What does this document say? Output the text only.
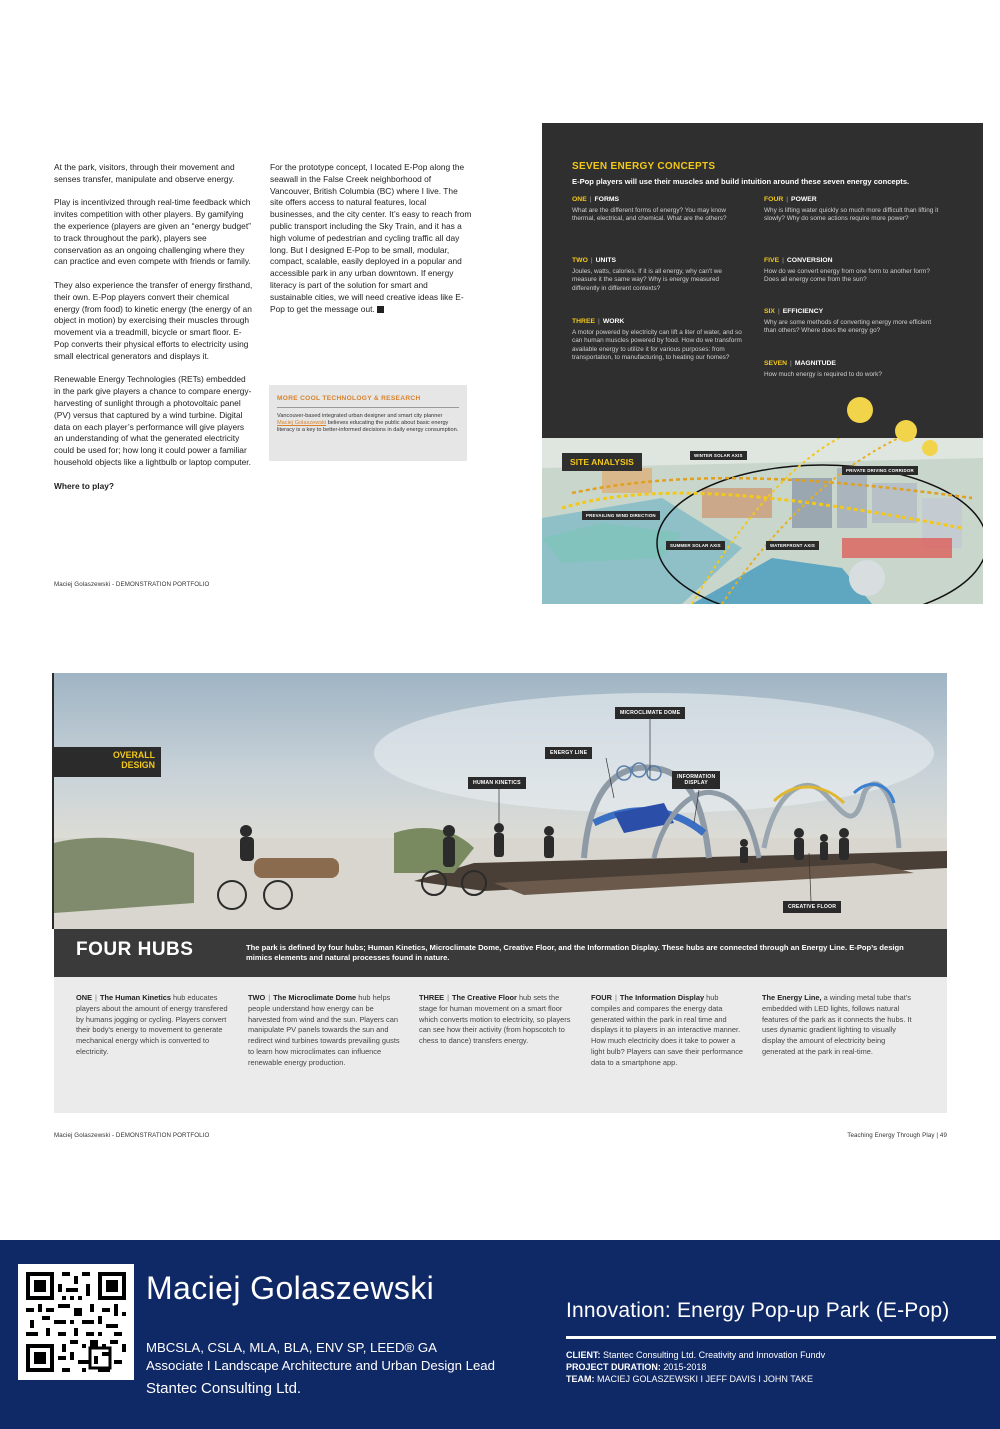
At the park, visitors, through their movement and senses transfer, manipulate and observe energy.

Play is incentivized through real-time feedback which invites competition with other players. By gamifying the experience (players are given an “energy budget” to track throughout the park), players see conservation as an ongoing challenging where they can practice and even compete with friends or family.

They also experience the transfer of energy firsthand, their own. E-Pop players convert their chemical energy (from food) to kinetic energy (the energy of an object in motion) by exercising their muscles through movement via a treadmill, bicycle or smart floor. E-Pop converts their physical efforts to electricity using small electrical generators and displays it.

Renewable Energy Technologies (RETs) embedded in the park give players a chance to compare energy-harvesting of sunlight through a photovoltaic panel (PV) versus that captured by a wind turbine. Digital data on each player’s performance will give players an understanding of what the generated electricity could be used for; how long it could power a familiar household objects like a lightbulb or laptop computer.

Where to play?

For the prototype concept, I located E-Pop along the seawall in the False Creek neighborhood of Vancouver, British Columbia (BC) where I live. The site offers access to natural features, local businesses, and the city center. It’s easy to reach from public transport including the Sky Train, and it has a high volume of pedestrian and cycling traffic all day long. But I designed E-Pop to be small, modular, compact, scalable, easily deployed in a popular and accessible park in any urban downtown. If energy literacy is part of the solution for smart and sustainable cities, we will need creative ideas like E-Pop to get the message out.

MORE COOL TECHNOLOGY & RESEARCH
Vancouver-based integrated urban designer and smart city planner Maciej Golaszewski believes educating the public about basic energy literacy is a key to better-informed decisions in daily energy consumption.
Maciej Golaszewski - DEMONSTRATION PORTFOLIO
SEVEN ENERGY CONCEPTS
E-Pop players will use their muscles and build intuition around these seven energy concepts.
ONE | FORMS
What are the different forms of energy? You may know thermal, electrical, and chemical. What are the others?
TWO | UNITS
Joules, watts, calories. If it is all energy, why can't we measure it the same way? Why is energy measured differently in different contexts?
THREE | WORK
A motor powered by electricity can lift a liter of water, and so can human muscles powered by food. How do we transform available energy to utilize it for various purposes: from transportation, to manufacturing, to heating our homes?
FOUR | POWER
Why is lifting water quickly so much more difficult than lifting it slowly? Why do some actions require more power?
FIVE | CONVERSION
How do we convert energy from one form to another form? Does all energy come from the sun?
SIX | EFFICIENCY
Why are some methods of converting energy more efficient than others? Where does the energy go?
SEVEN | MAGNITUDE
How much energy is required to do work?
SITE ANALYSIS
WINTER SOLAR AXIS
PRIVATE DRIVING CORRIDOR
PREVAILING WIND DIRECTION
SUMMER SOLAR AXIS	WATERFRONT AXIS
OVERALL
DESIGN
MICROCLIMATE DOME
ENERGY LINE
HUMAN KINETICS
INFORMATION
DISPLAY
CREATIVE FLOOR
FOUR HUBS	The park is defined by four hubs; Human Kinetics, Microclimate Dome, Creative Floor, and the Information Display. These hubs are connected through an Energy Line. E-Pop’s design mimics elements and natural processes found in nature.
ONE | The Human Kinetics hub educates players about the amount of energy transfered by humans jogging or cycling. Players convert their body's energy to movement to generate mechanical energy which is converted to electricity.
TWO | The Microclimate Dome hub helps people understand how energy can be harvested from wind and the sun. Players can manipulate PV panels towards the sun and redirect wind turbines towards prevailing gusts to learn how microclimates can influence renewable energy production.
THREE | The Creative Floor hub sets the stage for human movement on a smart floor which converts motion to electricity, so players can see how their activity (from hopscotch to chess to dance) transfers energy.
FOUR | The Information Display hub compiles and compares the energy data generated within the park in real time and displays it to players in an interactive manner. How much electricity does it take to power a light bulb? Players can save their performance data to a smartphone app.
The Energy Line, a winding metal tube that's embedded with LED lights, follows natural features of the park as it connects the hubs. It uses dynamic gradient lighting to visually display the amount of electricity being generated at the park in real-time.
Maciej Golaszewski - DEMONSTRATION PORTFOLIO	Teaching Energy Through Play | 49
Maciej Golaszewski
MBCSLA, CSLA, MLA, BLA, ENV SP, LEED® GA
Associate I Landscape Architecture and Urban Design Lead
Stantec Consulting Ltd.
Innovation: Energy Pop-up Park (E-Pop)
CLIENT: Stantec Consulting Ltd. Creativity and Innovation Fundv
PROJECT DURATION: 2015-2018
TEAM: MACIEJ GOLASZEWSKI I JEFF DAVIS I JOHN TAKE
